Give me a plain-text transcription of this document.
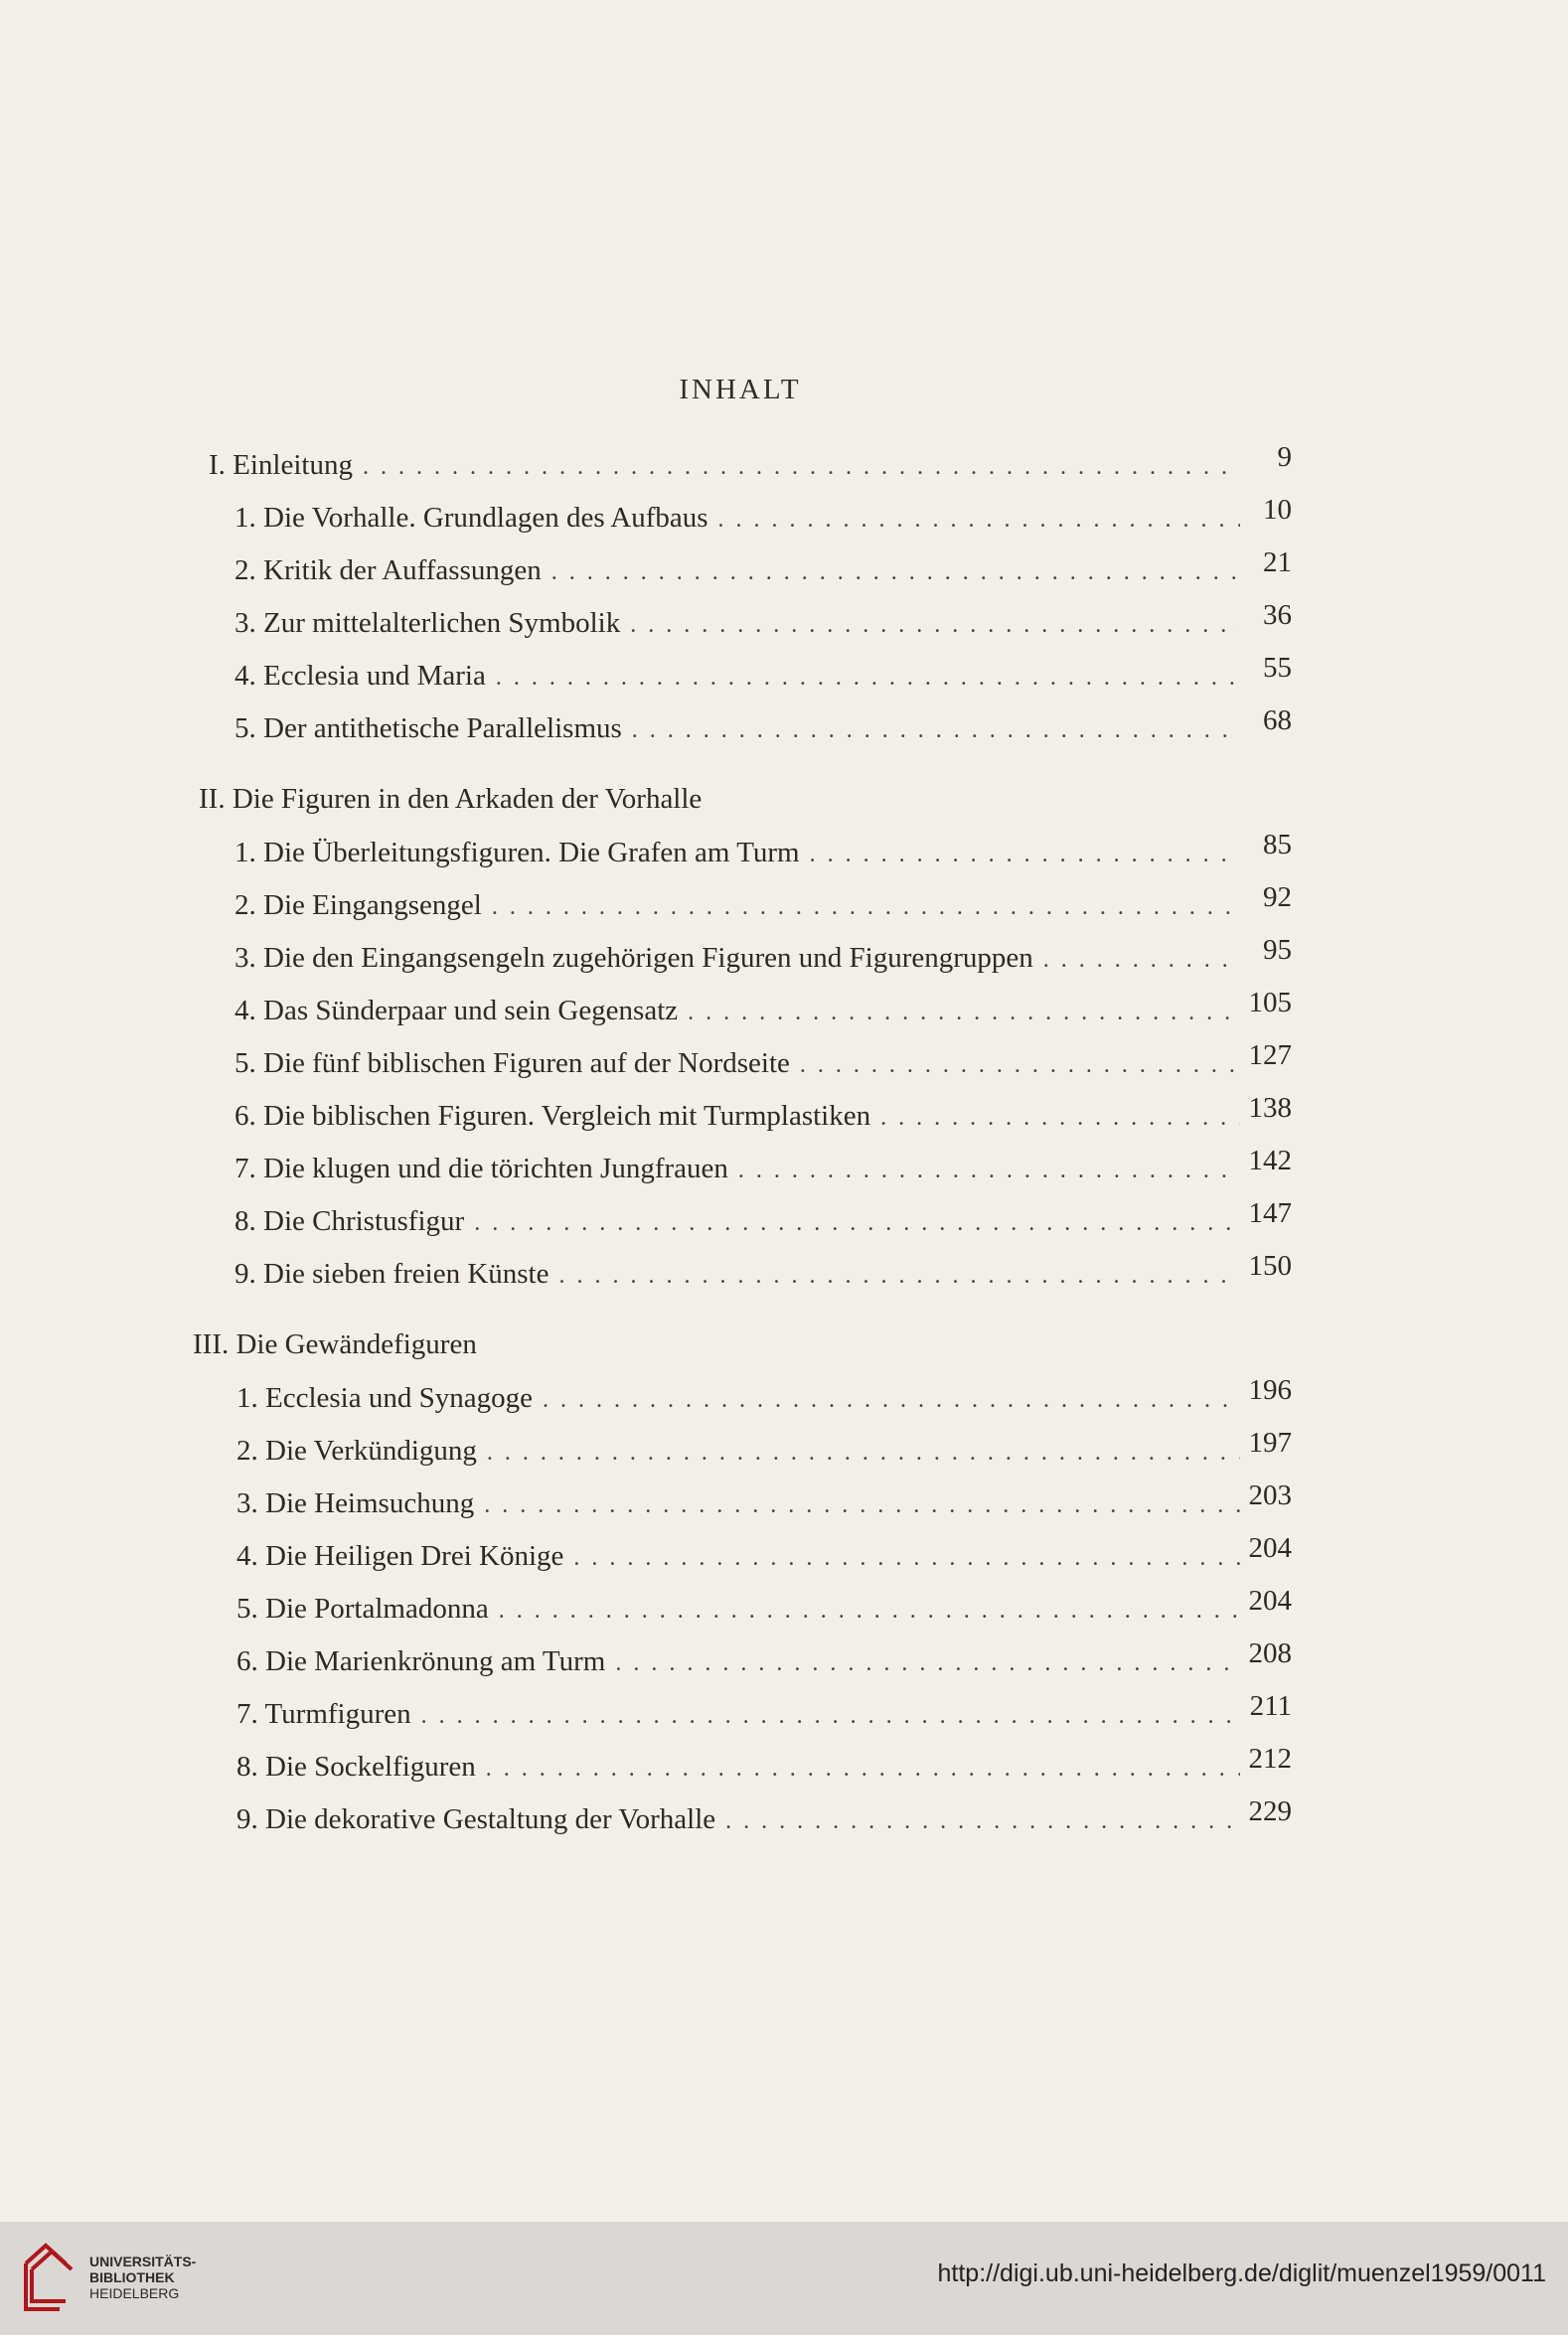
INHALT
I. Einleitung . . .	9
1. Die Vorhalle. Grundlagen des Aufbaus . . .	10
2. Kritik der Auffassungen . . .	21
3. Zur mittelalterlichen Symbolik . . .	36
4. Ecclesia und Maria . . .	55
5. Der antithetische Parallelismus . . .	68
II. Die Figuren in den Arkaden der Vorhalle
1. Die Überleitungsfiguren. Die Grafen am Turm . . .	85
2. Die Eingangsengel . . .	92
3. Die den Eingangsengeln zugehörigen Figuren und Figurengruppen . . .	95
4. Das Sünderpaar und sein Gegensatz . . .	105
5. Die fünf biblischen Figuren auf der Nordseite . . .	127
6. Die biblischen Figuren. Vergleich mit Turmplastiken . . .	138
7. Die klugen und die törichten Jungfrauen . . .	142
8. Die Christusfigur . . .	147
9. Die sieben freien Künste . . .	150
III. Die Gewändefiguren
1. Ecclesia und Synagoge . . .	196
2. Die Verkündigung . . .	197
3. Die Heimsuchung . . .	203
4. Die Heiligen Drei Könige . . .	204
5. Die Portalmadonna . . .	204
6. Die Marienkrönung am Turm . . .	208
7. Turmfiguren . . .	211
8. Die Sockelfiguren . . .	212
9. Die dekorative Gestaltung der Vorhalle . . .	229
UNIVERSITÄTS-
BIBLIOTHEK
HEIDELBERG
http://digi.ub.uni-heidelberg.de/diglit/muenzel1959/0011
